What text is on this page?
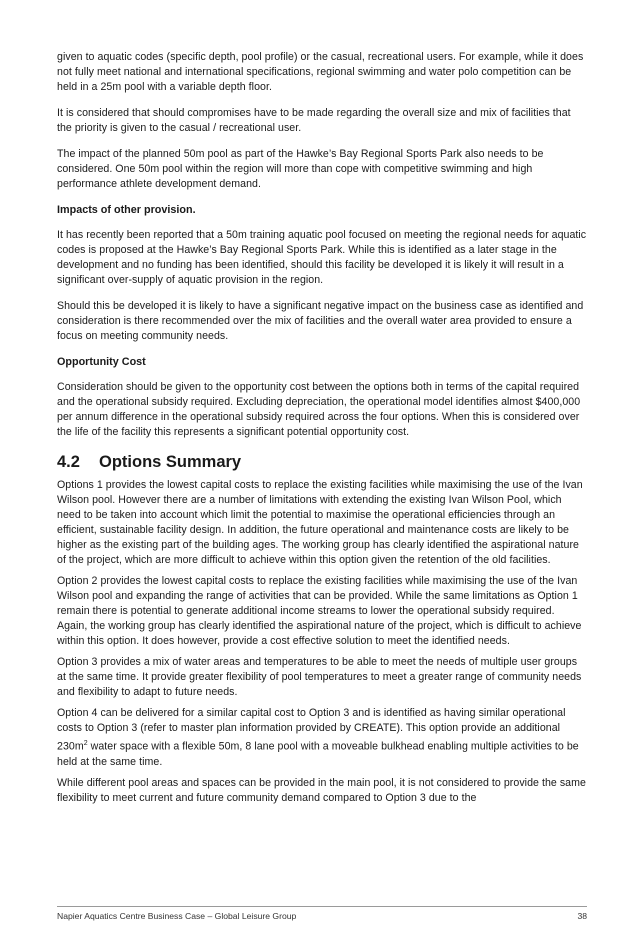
given to aquatic codes (specific depth, pool profile) or the casual, recreational users. For example, while it does not fully meet national and international specifications, regional swimming and water polo competition can be held in a 25m pool with a variable depth floor.

It is considered that should compromises have to be made regarding the overall size and mix of facilities that the priority is given to the casual / recreational user.

The impact of the planned 50m pool as part of the Hawke’s Bay Regional Sports Park also needs to be considered. One 50m pool within the region will more than cope with competitive swimming and high performance athlete development demand.

Impacts of other provision.

It has recently been reported that a 50m training aquatic pool focused on meeting the regional needs for aquatic codes is proposed at the Hawke’s Bay Regional Sports Park. While this is identified as a later stage in the development and no funding has been identified, should this facility be developed it is likely it will result in a significant over-supply of aquatic provision in the region.

Should this be developed it is likely to have a significant negative impact on the business case as identified and consideration is there recommended over the mix of facilities and the overall water area provided to ensure a focus on meeting community needs.

Opportunity Cost

Consideration should be given to the opportunity cost between the options both in terms of the capital required and the operational subsidy required. Excluding depreciation, the operational model identifies almost $400,000 per annum difference in the operational subsidy required across the four options. When this is considered over the life of the facility this represents a significant potential opportunity cost.

4.2	Options Summary

Options 1 provides the lowest capital costs to replace the existing facilities while maximising the use of the Ivan Wilson pool. However there are a number of limitations with extending the existing Ivan Wilson Pool, which need to be taken into account which limit the potential to maximise the operational efficiencies through an efficient, sustainable facility design. In addition, the future operational and maintenance costs are likely to be higher as the existing part of the building ages. The working group has clearly identified the aspirational nature of the project, which are more difficult to achieve within this option given the retention of the old facilities.

Option 2 provides the lowest capital costs to replace the existing facilities while maximising the use of the Ivan Wilson pool and expanding the range of activities that can be provided. While the same limitations as Option 1 remain there is potential to generate additional income streams to lower the operational subsidy required. Again, the working group has clearly identified the aspirational nature of the project, which is difficult to achieve within this option. It does however, provide a cost effective solution to meet the identified needs.

Option 3 provides a mix of water areas and temperatures to be able to meet the needs of multiple user groups at the same time. It provide greater flexibility of pool temperatures to meet a greater range of community needs and flexibility to adapt to future needs.

Option 4 can be delivered for a similar capital cost to Option 3 and is identified as having similar operational costs to Option 3 (refer to master plan information provided by CREATE). This option provide an additional $230m^2$ water space with a flexible 50m, 8 lane pool with a moveable bulkhead enabling multiple activities to be held at the same time.

While different pool areas and spaces can be provided in the main pool, it is not considered to provide the same flexibility to meet current and future community demand compared to Option 3 due to the

Napier Aquatics Centre Business Case – Global Leisure Group	38
